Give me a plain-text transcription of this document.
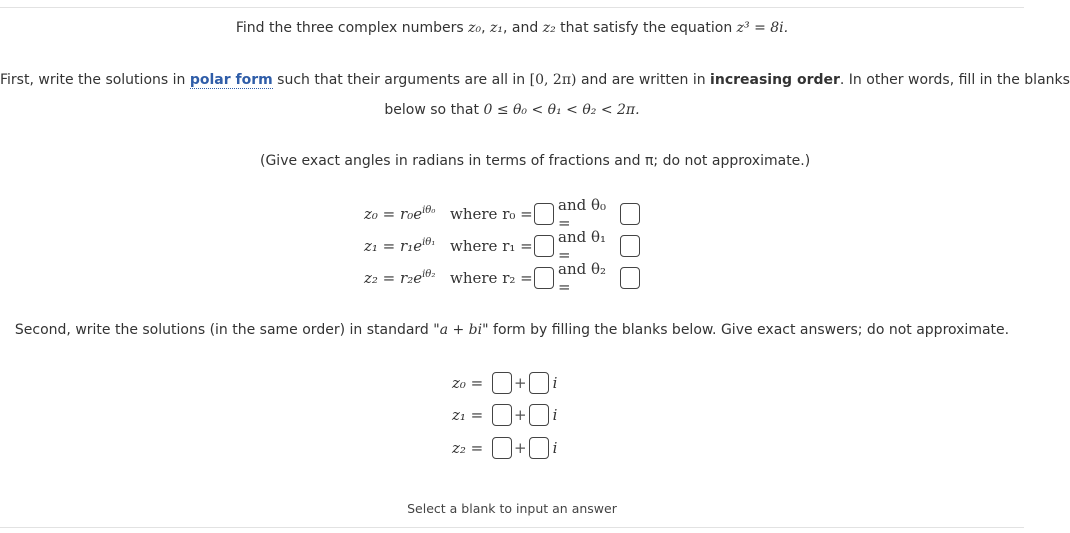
Find the three complex numbers z₀, z₁, and z₂ that satisfy the equation z³ = 8i.
First, write the solutions in polar form such that their arguments are all in [0, 2π) and are written in increasing order. In other words, fill in the blanks
below so that 0 ≤ θ₀ < θ₁ < θ₂ < 2π.
(Give exact angles in radians in terms of fractions and π; do not approximate.)
$z_0 = r_0e^{i\theta_0}$ where r₀ = and θ₀ =
$z_1 = r_1e^{i\theta_1}$ where r₁ = and θ₁ =
$z_2 = r_2e^{i\theta_2}$ where r₂ = and θ₂ =
Second, write the solutions (in the same order) in standard "a + bi" form by filling the blanks below. Give exact answers; do not approximate.
z₀ =	+ i
z₁ =	+ i
z₂ =	+ i
Select a blank to input an answer
